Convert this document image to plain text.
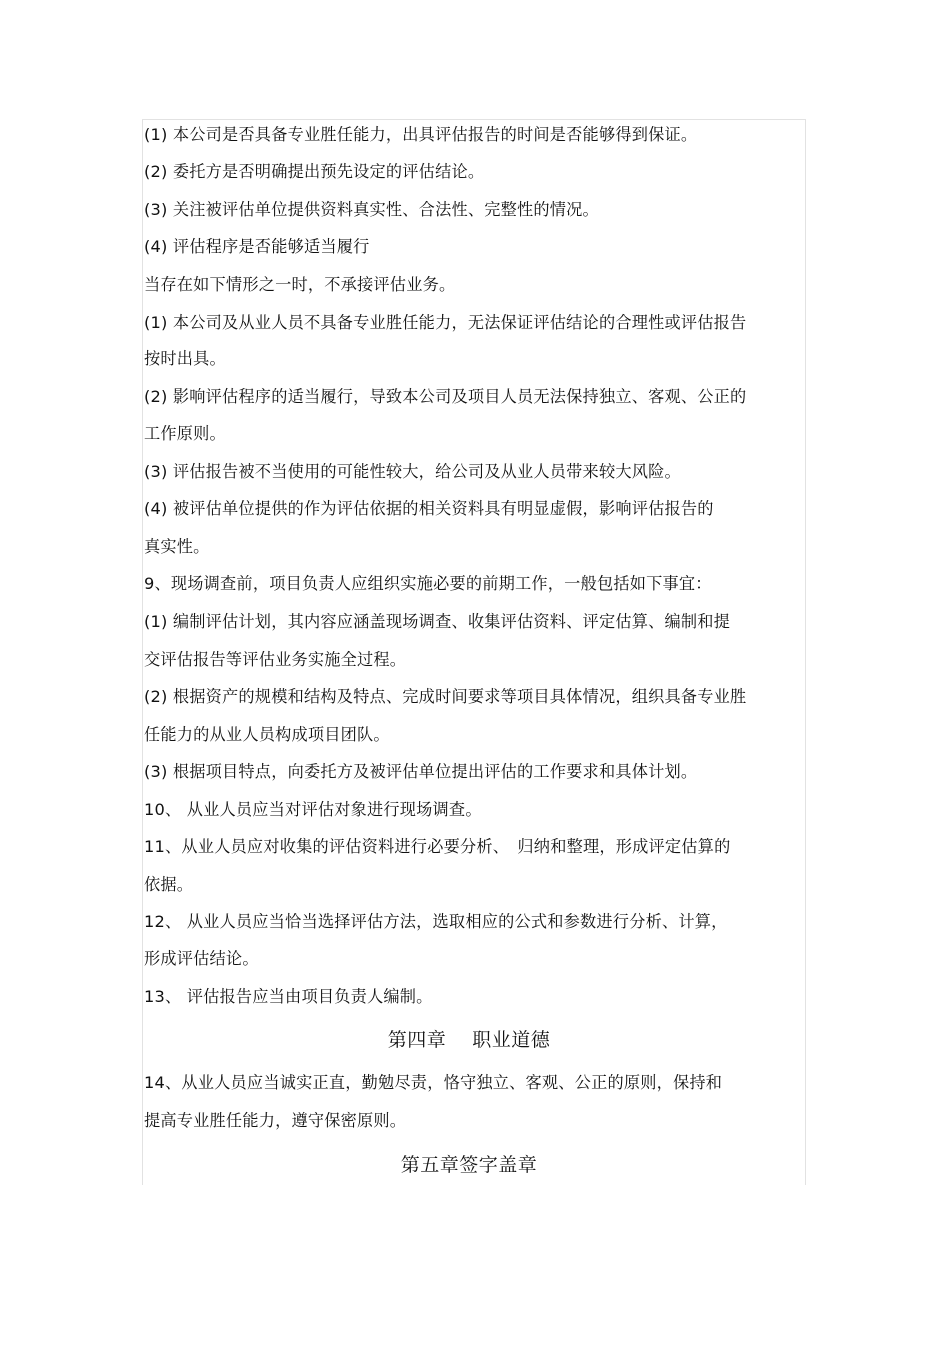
(1) 本公司是否具备专业胜任能力，出具评估报告的时间是否能够得到保证。
(2) 委托方是否明确提出预先设定的评估结论。
(3) 关注被评估单位提供资料真实性、合法性、完整性的情况。
(4) 评估程序是否能够适当履行
当存在如下情形之一时，不承接评估业务。
(1) 本公司及从业人员不具备专业胜任能力，无法保证评估结论的合理性或评估报告
按时出具。
(2) 影响评估程序的适当履行，导致本公司及项目人员无法保持独立、客观、公正的
工作原则。
(3) 评估报告被不当使用的可能性较大，给公司及从业人员带来较大风险。
(4) 被评估单位提供的作为评估依据的相关资料具有明显虚假，影响评估报告的
真实性。
9、现场调查前，项目负责人应组织实施必要的前期工作，一般包括如下事宜：
(1) 编制评估计划，其内容应涵盖现场调查、收集评估资料、评定估算、编制和提
交评估报告等评估业务实施全过程。
(2) 根据资产的规模和结构及特点、完成时间要求等项目具体情况，组织具备专业胜
任能力的从业人员构成项目团队。
(3) 根据项目特点，向委托方及被评估单位提出评估的工作要求和具体计划。
10、 从业人员应当对评估对象进行现场调查。
11、从业人员应对收集的评估资料进行必要分析、　归纳和整理，形成评定估算的
依据。
12、 从业人员应当恰当选择评估方法，选取相应的公式和参数进行分析、计算，
形成评估结论。
13、 评估报告应当由项目负责人编制。
第四章　 职业道德
14、从业人员应当诚实正直，勤勉尽责，恪守独立、客观、公正的原则，保持和
提高专业胜任能力，遵守保密原则。
第五章签字盖章
